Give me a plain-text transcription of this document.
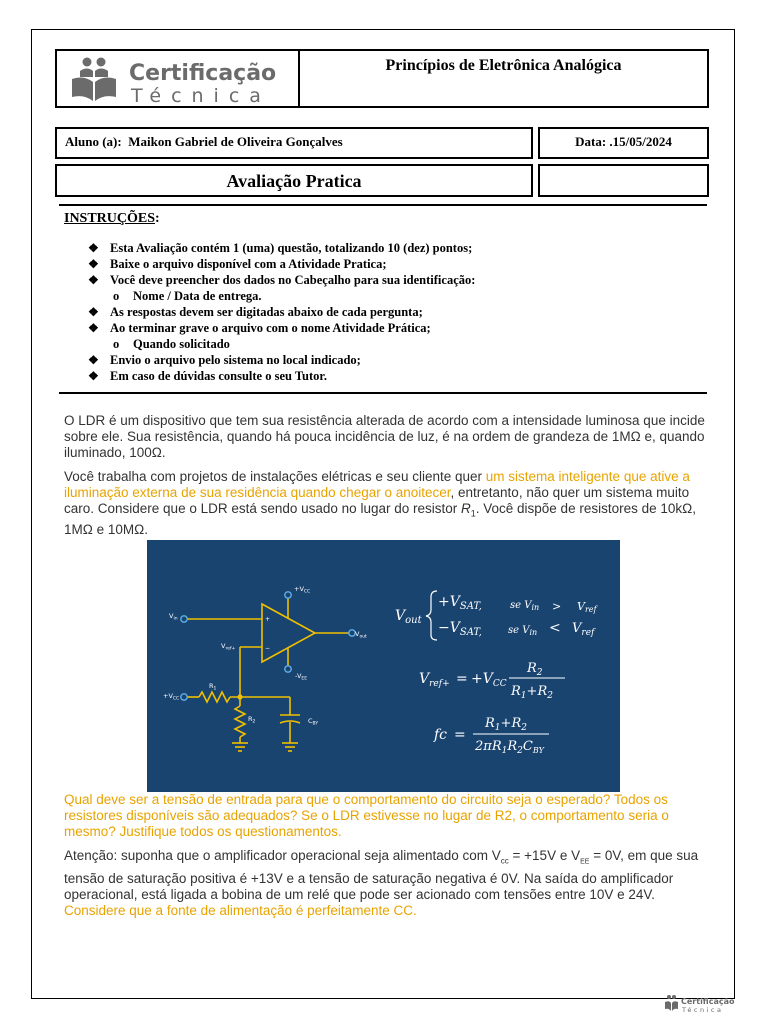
Certificação
Técnica
Princípios de Eletrônica Analógica
Aluno (a): Maikon Gabriel de Oliveira Gonçalves	Data: .15/05/2024
Avaliação Pratica
INSTRUÇÕES:
❖ Esta Avaliação contém 1 (uma) questão, totalizando 10 (dez) pontos;
❖ Baixe o arquivo disponível com a Atividade Pratica;
❖ Você deve preencher dos dados no Cabeçalho para sua identificação:
o Nome / Data de entrega.
❖ As respostas devem ser digitadas abaixo de cada pergunta;
❖ Ao terminar grave o arquivo com o nome Atividade Prática;
o Quando solicitado
❖ Envio o arquivo pelo sistema no local indicado;
❖ Em caso de dúvidas consulte o seu Tutor.

O LDR é um dispositivo que tem sua resistência alterada de acordo com a intensidade luminosa que incide sobre ele. Sua resistência, quando há pouca incidência de luz, é na ordem de grandeza de 1MΩ e, quando iluminado, 100Ω.

Você trabalha com projetos de instalações elétricas e seu cliente quer um sistema inteligente que ative a iluminação externa de sua residência quando chegar o anoitecer, entretanto, não quer um sistema muito caro. Considere que o LDR está sendo usado no lugar do resistor $R_1$. Você dispõe de resistores de 10kΩ, 1MΩ e 10MΩ.

$+V_{CC}$
$V_{in}$
$V_{out}$
$V_{ref+}$
$-V_{EE}$
$R_1$
$+V_{CC}$
$R_2$	$C_{BY}$
+
−
$V_{out}$
$+V_{SAT,}$	se $V_{in}$ > Vref
$-V_{SAT,}$	se $V_{in} < V_{ref}$
$V_{ref+} = +V_{CC}$
$R_2$
$R_1+R_2$
fc =
$R_1+R_2$
$2\pi R_1R_2C_{BY}$

Qual deve ser a tensão de entrada para que o comportamento do circuito seja o esperado? Todos os resistores disponíveis são adequados? Se o LDR estivesse no lugar de R2, o comportamento seria o mesmo? Justifique todos os questionamentos.

Atenção: suponha que o amplificador operacional seja alimentado com $V_{cc} = +15V$ e $V_{EE} = 0V$, em que sua tensão de saturação positiva é +13V e a tensão de saturação negativa é 0V. Na saída do amplificador operacional, está ligada a bobina de um relé que pode ser acionado com tensões entre 10V e 24V. Considere que a fonte de alimentação é perfeitamente CC.

Certificação
Técnica
